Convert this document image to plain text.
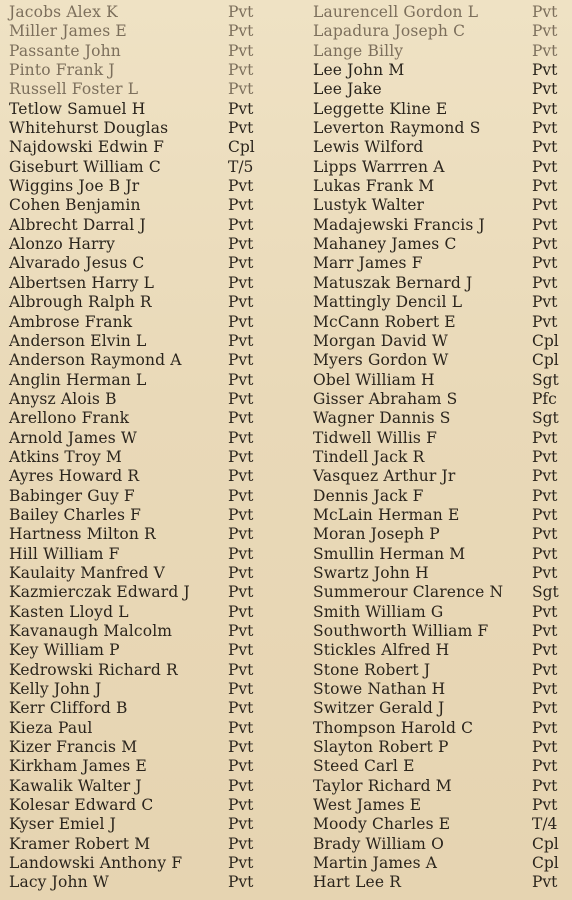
Jacobs Alex K	Pvt
Miller James E	Pvt
Passante John	Pvt
Pinto Frank J	Pvt
Russell Foster L	Pvt
Tetlow Samuel H	Pvt
Whitehurst Douglas	Pvt
Najdowski Edwin F	Cpl
Giseburt William C	T/5
Wiggins Joe B Jr	Pvt
Cohen Benjamin	Pvt
Albrecht Darral J	Pvt
Alonzo Harry	Pvt
Alvarado Jesus C	Pvt
Albertsen Harry L	Pvt
Albrough Ralph R	Pvt
Ambrose Frank	Pvt
Anderson Elvin L	Pvt
Anderson Raymond A	Pvt
Anglin Herman L	Pvt
Anysz Alois B	Pvt
Arellono Frank	Pvt
Arnold James W	Pvt
Atkins Troy M	Pvt
Ayres Howard R	Pvt
Babinger Guy F	Pvt
Bailey Charles F	Pvt
Hartness Milton R	Pvt
Hill William F	Pvt
Kaulaity Manfred V	Pvt
Kazmierczak Edward J Pvt
Kasten Lloyd L	Pvt
Kavanaugh Malcolm	Pvt
Key William P	Pvt
Kedrowski Richard R	Pvt
Kelly John J	Pvt
Kerr Clifford B	Pvt
Kieza Paul	Pvt
Kizer Francis M	Pvt
Kirkham James E	Pvt
Kawalik Walter J	Pvt
Kolesar Edward C	Pvt
Kyser Emiel J	Pvt
Kramer Robert M	Pvt
Landowski Anthony F	Pvt
Lacy John W	Pvt
Laurencell Gordon L	Pvt
Lapadura Joseph C	Pvt
Lange Billy	Pvt
Lee John M	Pvt
Lee Jake	Pvt
Leggette Kline E	Pvt
Leverton Raymond S	Pvt
Lewis Wilford	Pvt
Lipps Warrren A	Pvt
Lukas Frank M	Pvt
Lustyk Walter	Pvt
Madajewski Francis J	Pvt
Mahaney James C	Pvt
Marr James F	Pvt
Matuszak Bernard J	Pvt
Mattingly Dencil L	Pvt
McCann Robert E	Pvt
Morgan David W	Cpl
Myers Gordon W	Cpl
Obel William H	Sgt
Gisser Abraham S	Pfc
Wagner Dannis S	Sgt
Tidwell Willis F	Pvt
Tindell Jack R	Pvt
Vasquez Arthur Jr	Pvt
Dennis Jack F	Pvt
McLain Herman E	Pvt
Moran Joseph P	Pvt
Smullin Herman M	Pvt
Swartz John H	Pvt
Summerour Clarence N Sgt
Smith William G	Pvt
Southworth William F	Pvt
Stickles Alfred H	Pvt
Stone Robert J	Pvt
Stowe Nathan H	Pvt
Switzer Gerald J	Pvt
Thompson Harold C	Pvt
Slayton Robert P	Pvt
Steed Carl E	Pvt
Taylor Richard M	Pvt
West James E	Pvt
Moody Charles E	T/4
Brady William O	Cpl
Martin James A	Cpl
Hart Lee R	Pvt
